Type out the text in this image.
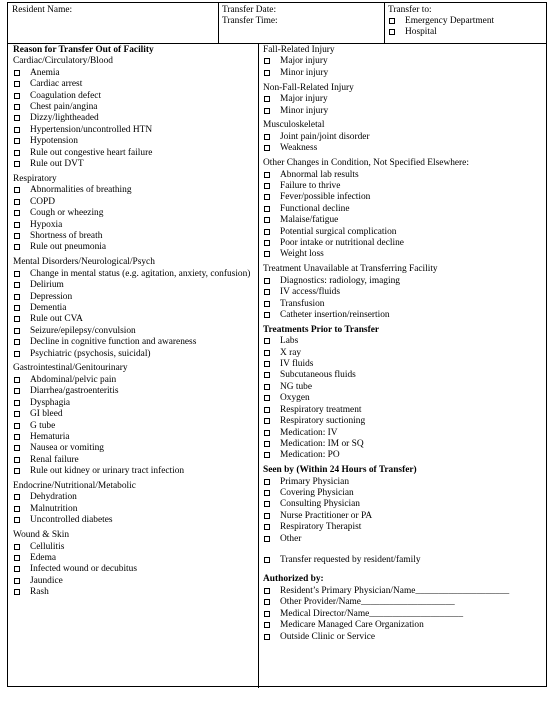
Resident Name:	Transfer Date:
Transfer Time:
Transfer to:
Emergency Department
Hospital
Reason for Transfer Out of Facility
Cardiac/Circulatory/Blood
Anemia
Cardiac arrest
Coagulation defect
Chest pain/angina
Dizzy/lightheaded
Hypertension/uncontrolled HTN
Hypotension
Rule out congestive heart failure
Rule out DVT
Respiratory
Abnormalities of breathing
COPD
Cough or wheezing
Hypoxia
Shortness of breath
Rule out pneumonia
Mental Disorders/Neurological/Psych
Change in mental status (e.g. agitation, anxiety, confusion)
Delirium
Depression
Dementia
Rule out CVA
Seizure/epilepsy/convulsion
Decline in cognitive function and awareness
Psychiatric (psychosis, suicidal)
Gastrointestinal/Genitourinary
Abdominal/pelvic pain
Diarrhea/gastroenteritis
Dysphagia
GI bleed
G tube
Hematuria
Nausea or vomiting
Renal failure
Rule out kidney or urinary tract infection
Endocrine/Nutritional/Metabolic
Dehydration
Malnutrition
Uncontrolled diabetes
Wound & Skin
Cellulitis
Edema
Infected wound or decubitus
Jaundice
Rash
Fall-Related Injury
Major injury
Minor injury
Non-Fall-Related Injury
Major injury
Minor injury
Musculoskeletal
Joint pain/joint disorder
Weakness
Other Changes in Condition, Not Specified Elsewhere:
Abnormal lab results
Failure to thrive
Fever/possible infection
Functional decline
Malaise/fatigue
Potential surgical complication
Poor intake or nutritional decline
Weight loss
Treatment Unavailable at Transferring Facility
Diagnostics: radiology, imaging
IV access/fluids
Transfusion
Catheter insertion/reinsertion
Treatments Prior to Transfer
Labs
X ray
IV fluids
Subcutaneous fluids
NG tube
Oxygen
Respiratory treatment
Respiratory suctioning
Medication: IV
Medication: IM or SQ
Medication: PO
Seen by (Within 24 Hours of Transfer)
Primary Physician
Covering Physician
Consulting Physician
Nurse Practitioner or PA
Respiratory Therapist
Other
Transfer requested by resident/family
Authorized by:
Resident’s Primary Physician/Name____________________
Other Provider/Name____________________
Medical Director/Name____________________
Medicare Managed Care Organization
Outside Clinic or Service
